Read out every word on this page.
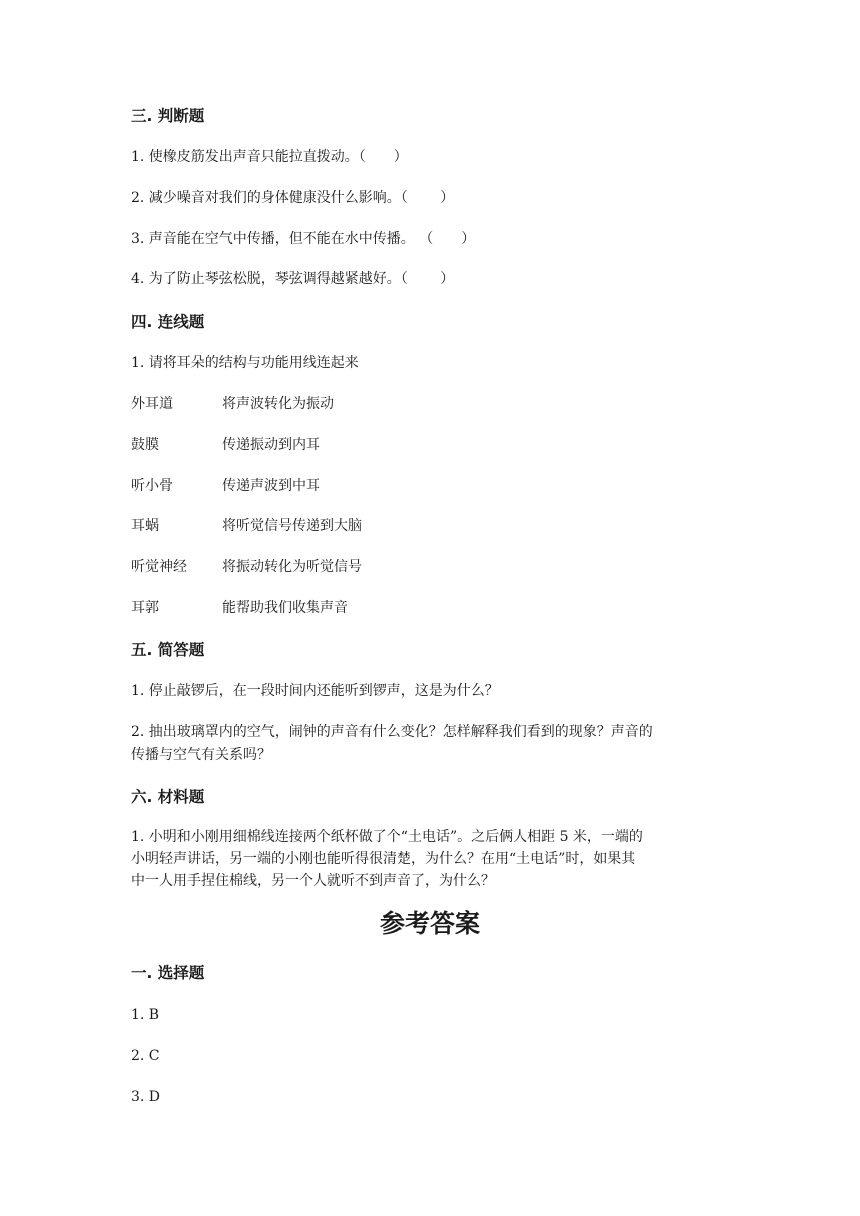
三. 判断题
1. 使橡皮筋发出声音只能拉直拨动。（　　）
2. 减少噪音对我们的身体健康没什么影响。（　　 ）
3. 声音能在空气中传播，但不能在水中传播。 （　　）
4. 为了防止琴弦松脱，琴弦调得越紧越好。（　　 ）
四. 连线题
1. 请将耳朵的结构与功能用线连起来
外耳道	将声波转化为振动
鼓膜	传递振动到内耳
听小骨	传递声波到中耳
耳蜗	将听觉信号传递到大脑
听觉神经	将振动转化为听觉信号
耳郭	能帮助我们收集声音
五. 简答题
1. 停止敲锣后，在一段时间内还能听到锣声，这是为什么？
2. 抽出玻璃罩内的空气，闹钟的声音有什么变化？怎样解释我们看到的现象？声音的
传播与空气有关系吗？
六. 材料题
1. 小明和小刚用细棉线连接两个纸杯做了个“土电话”。之后俩人相距 5 米，一端的
小明轻声讲话，另一端的小刚也能听得很清楚，为什么？在用“土电话”时，如果其
中一人用手捏住棉线，另一个人就听不到声音了，为什么？
参考答案
一. 选择题
1. B
2. C
3. D
